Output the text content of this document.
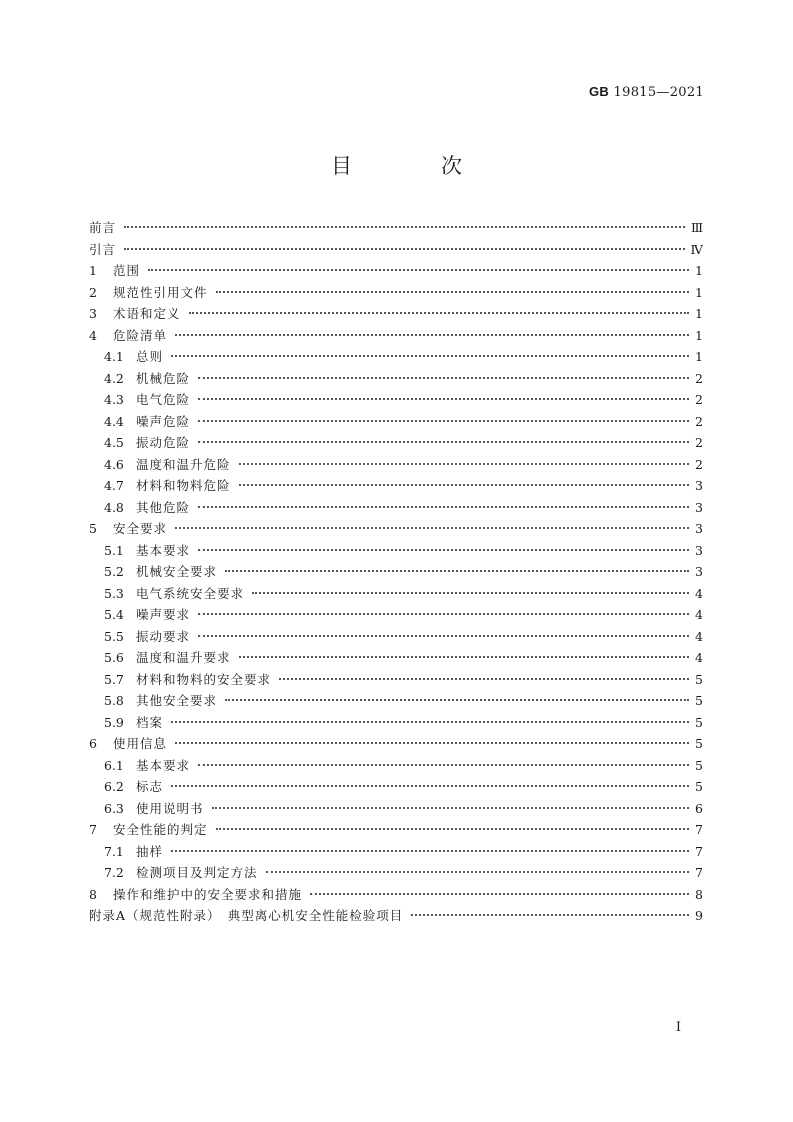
GB 19815—2021
目　次
前言	Ⅲ
引言	Ⅳ
1	范围	1
2	规范性引用文件	1
3	术语和定义	1
4	危险清单	1
4.1 总则	1
4.2 机械危险	2
4.3 电气危险	2
4.4 噪声危险	2
4.5 振动危险	2
4.6 温度和温升危险	2
4.7 材料和物料危险	3
4.8 其他危险	3
5	安全要求	3
5.1 基本要求	3
5.2 机械安全要求	3
5.3 电气系统安全要求	4
5.4 噪声要求	4
5.5 振动要求	4
5.6 温度和温升要求	4
5.7 材料和物料的安全要求	5
5.8 其他安全要求	5
5.9 档案	5
6	使用信息	5
6.1 基本要求	5
6.2 标志	5
6.3 使用说明书	6
7	安全性能的判定	7
7.1 抽样	7
7.2 检测项目及判定方法	7
8	操作和维护中的安全要求和措施	8
附录A（规范性附录）　典型离心机安全性能检验项目	9
Ⅰ
